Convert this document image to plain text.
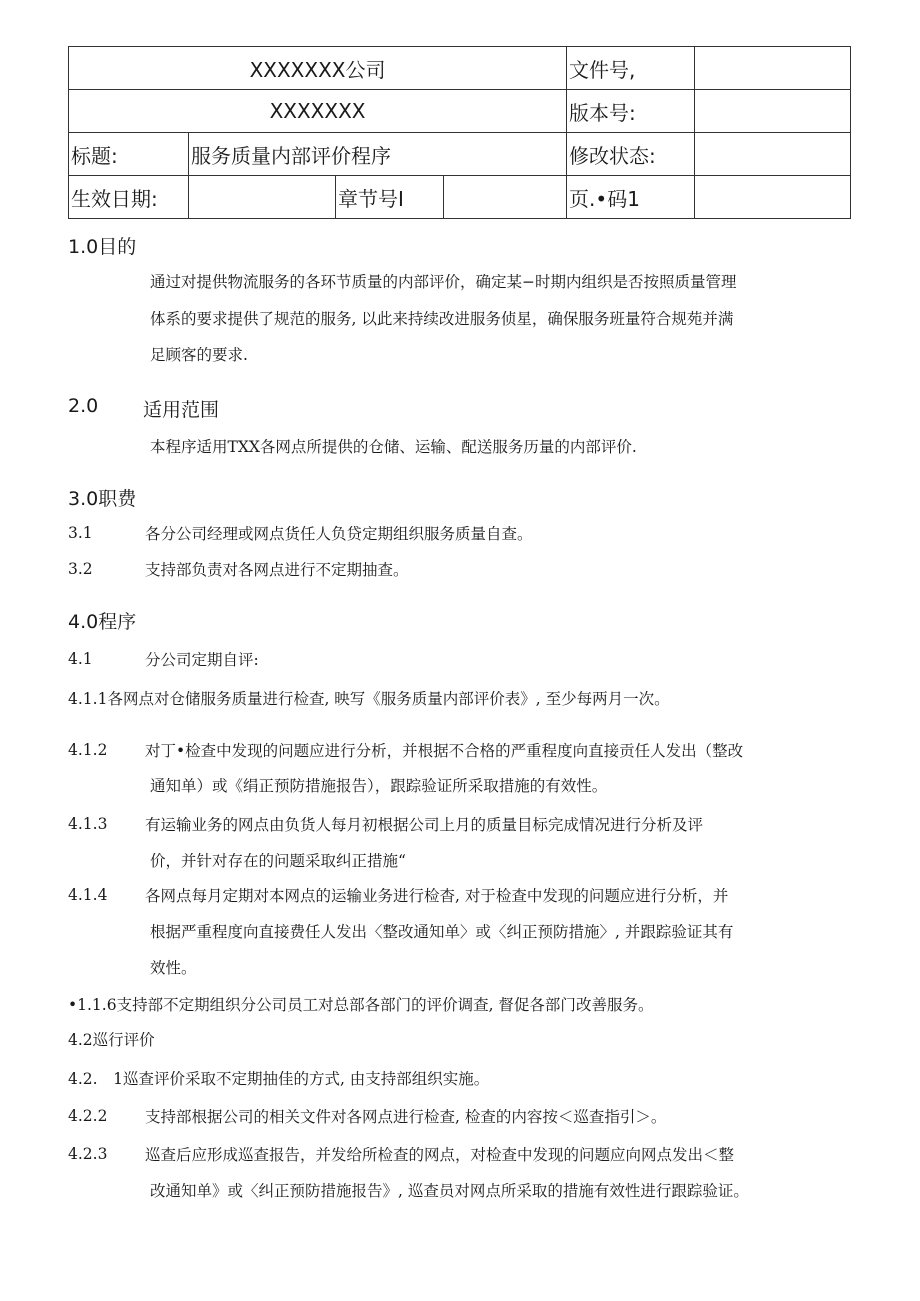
XXXXXXX公司				文件号,	
XXXXXXX				版本号:	
标题:	服务质量内部评价程序			修改状态:	
生效日期:		章节号I		页.•码1	
1.0目的
通过对提供物流服务的各环节质量的内部评价，确定某−时期内组织是否按照质量管理
体系的要求提供了规范的服务, 以此来持续改进服务侦星，确保服务班量符合规苑并满
足顾客的要求.
2.0 适用范围
本程序适用TXX各网点所提供的仓储、运输、配送服务历量的内部评价.
3.0职费
3.1	各分公司经理或网点货任人负贷定期组织服务质量自查。
3.2	支持部负责对各网点进行不定期抽查。
4.0程序
4.1	分公司定期自评:
4.1.1各网点对仓储服务质量进行检查, 映写《服务质量内部评价表》, 至少每两月一次。
4.1.2 对丁•检查中发现的问题应进行分析，并根据不合格的严重程度向直接贡任人发出（整改
通知单）或《绢正预防措施报告），跟踪验证所采取措施的有效性。
4.1.3 有运输业务的网点由负货人每月初根据公司上月的质量目标完成情况进行分析及评
价，并针对存在的问题采取纠正措施“
4.1.4 各网点每月定期对本网点的运输业务进行检杳, 对于检查中发现的问题应进行分析，并
根据严重程度向直接费任人发出〈整改通知单〉或〈纠正预防措施〉, 并跟踪验证其有
效性。
•1.1.6支持部不定期组织分公司员工对总部各部门的评价调查, 督促各部门改善服务。
4.2巡行评价
4.2.　1巡查评价采取不定期抽佳的方式, 由支持部组织实施。
4.2.2 支持部根据公司的相关文件对各网点进行检查, 检查的内容按＜巡查指引＞。
4.2.3 巡查后应形成巡查报告，并发给所检查的网点，对检查中发现的问题应向网点发出＜整
改通知单》或〈纠正预防措施报告》, 巡查员对网点所采取的措施有效性进行跟踪验证。
